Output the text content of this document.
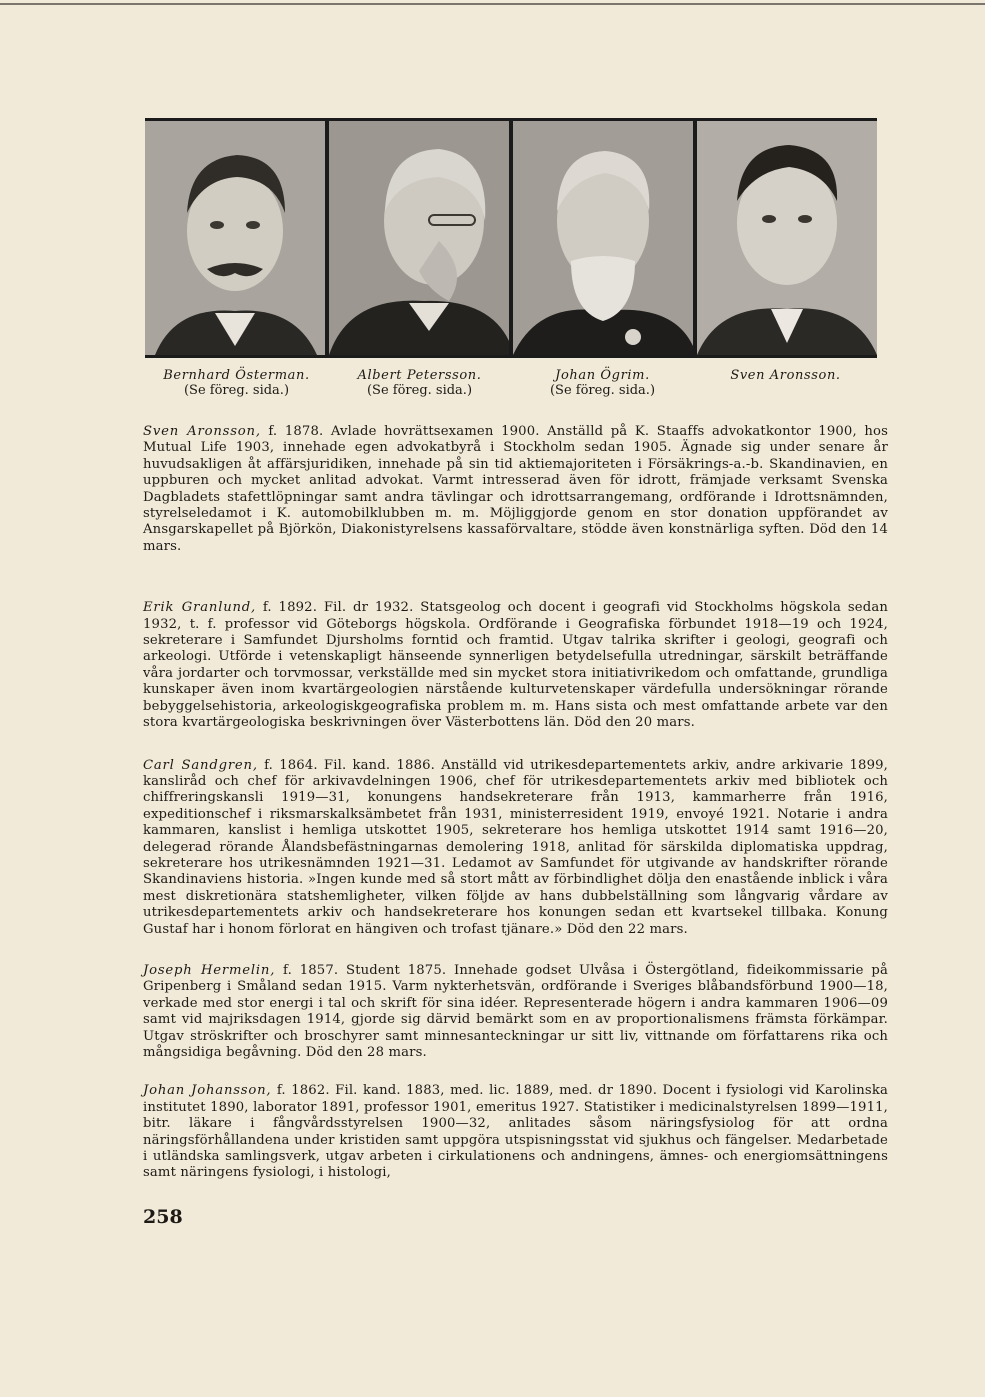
Bernhard Österman.
(Se föreg. sida.)
Albert Petersson.
(Se föreg. sida.)
Johan Ögrim.
(Se föreg. sida.)
Sven Aronsson.

Sven Aronsson, f. 1878. Avlade hovrättsexamen 1900. Anställd på K. Staaffs advokatkontor 1900, hos Mutual Life 1903, innehade egen advokatbyrå i Stockholm sedan 1905. Ägnade sig under senare år huvudsakligen åt affärsjuridiken, innehade på sin tid aktiemajoriteten i Försäkrings-a.-b. Skandinavien, en uppburen och mycket anlitad advokat. Varmt intresserad även för idrott, främjade verksamt Svenska Dagbladets stafettlöpningar samt andra tävlingar och idrottsarrangemang, ordförande i Idrottsnämnden, styrelseledamot i K. automobilklubben m. m. Möjliggjorde genom en stor donation uppförandet av Ansgarskapellet på Björkön, Diakonistyrelsens kassaförvaltare, stödde även konstnärliga syften. Död den 14 mars.

Erik Granlund, f. 1892. Fil. dr 1932. Statsgeolog och docent i geografi vid Stockholms högskola sedan 1932, t. f. professor vid Göteborgs högskola. Ordförande i Geografiska förbundet 1918—19 och 1924, sekreterare i Samfundet Djursholms forntid och framtid. Utgav talrika skrifter i geologi, geografi och arkeologi. Utförde i vetenskapligt hänseende synnerligen betydelsefulla utredningar, särskilt beträffande våra jordarter och torvmossar, verkställde med sin mycket stora initiativrikedom och omfattande, grundliga kunskaper även inom kvartärgeologien närstående kulturvetenskaper värdefulla undersökningar rörande bebyggelsehistoria, arkeologiskgeografiska problem m. m. Hans sista och mest omfattande arbete var den stora kvartärgeologiska beskrivningen över Västerbottens län. Död den 20 mars.

Carl Sandgren, f. 1864. Fil. kand. 1886. Anställd vid utrikesdepartementets arkiv, andre arkivarie 1899, kansliråd och chef för arkivavdelningen 1906, chef för utrikesdepartementets arkiv med bibliotek och chiffreringskansli 1919—31, konungens handsekreterare från 1913, kammarherre från 1916, expeditionschef i riksmarskalksämbetet från 1931, ministerresident 1919, envoyé 1921. Notarie i andra kammaren, kanslist i hemliga utskottet 1905, sekreterare hos hemliga utskottet 1914 samt 1916—20, delegerad rörande Ålandsbefästningarnas demolering 1918, anlitad för särskilda diplomatiska uppdrag, sekreterare hos utrikesnämnden 1921—31. Ledamot av Samfundet för utgivande av handskrifter rörande Skandinaviens historia. »Ingen kunde med så stort mått av förbindlighet dölja den enastående inblick i våra mest diskretionära statshemligheter, vilken följde av hans dubbelställning som långvarig vårdare av utrikesdepartementets arkiv och handsekreterare hos konungen sedan ett kvartsekel tillbaka. Konung Gustaf har i honom förlorat en hängiven och trofast tjänare.» Död den 22 mars.

Joseph Hermelin, f. 1857. Student 1875. Innehade godset Ulvåsa i Östergötland, fideikommissarie på Gripenberg i Småland sedan 1915. Varm nykterhetsvän, ordförande i Sveriges blåbandsförbund 1900—18, verkade med stor energi i tal och skrift för sina idéer. Representerade högern i andra kammaren 1906—09 samt vid majriksdagen 1914, gjorde sig därvid bemärkt som en av proportionalismens främsta förkämpar. Utgav ströskrifter och broschyrer samt minnesanteckningar ur sitt liv, vittnande om författarens rika och mångsidiga begåvning. Död den 28 mars.

Johan Johansson, f. 1862. Fil. kand. 1883, med. lic. 1889, med. dr 1890. Docent i fysiologi vid Karolinska institutet 1890, laborator 1891, professor 1901, emeritus 1927. Statistiker i medicinalstyrelsen 1899—1911, bitr. läkare i fångvårdsstyrelsen 1900—32, anlitades såsom näringsfysiolog för att ordna näringsförhållandena under kristiden samt uppgöra utspisningsstat vid sjukhus och fängelser. Medarbetade i utländska samlingsverk, utgav arbeten i cirkulationens och andningens, ämnes- och energiomsättningens samt näringens fysiologi, i histologi,

258
